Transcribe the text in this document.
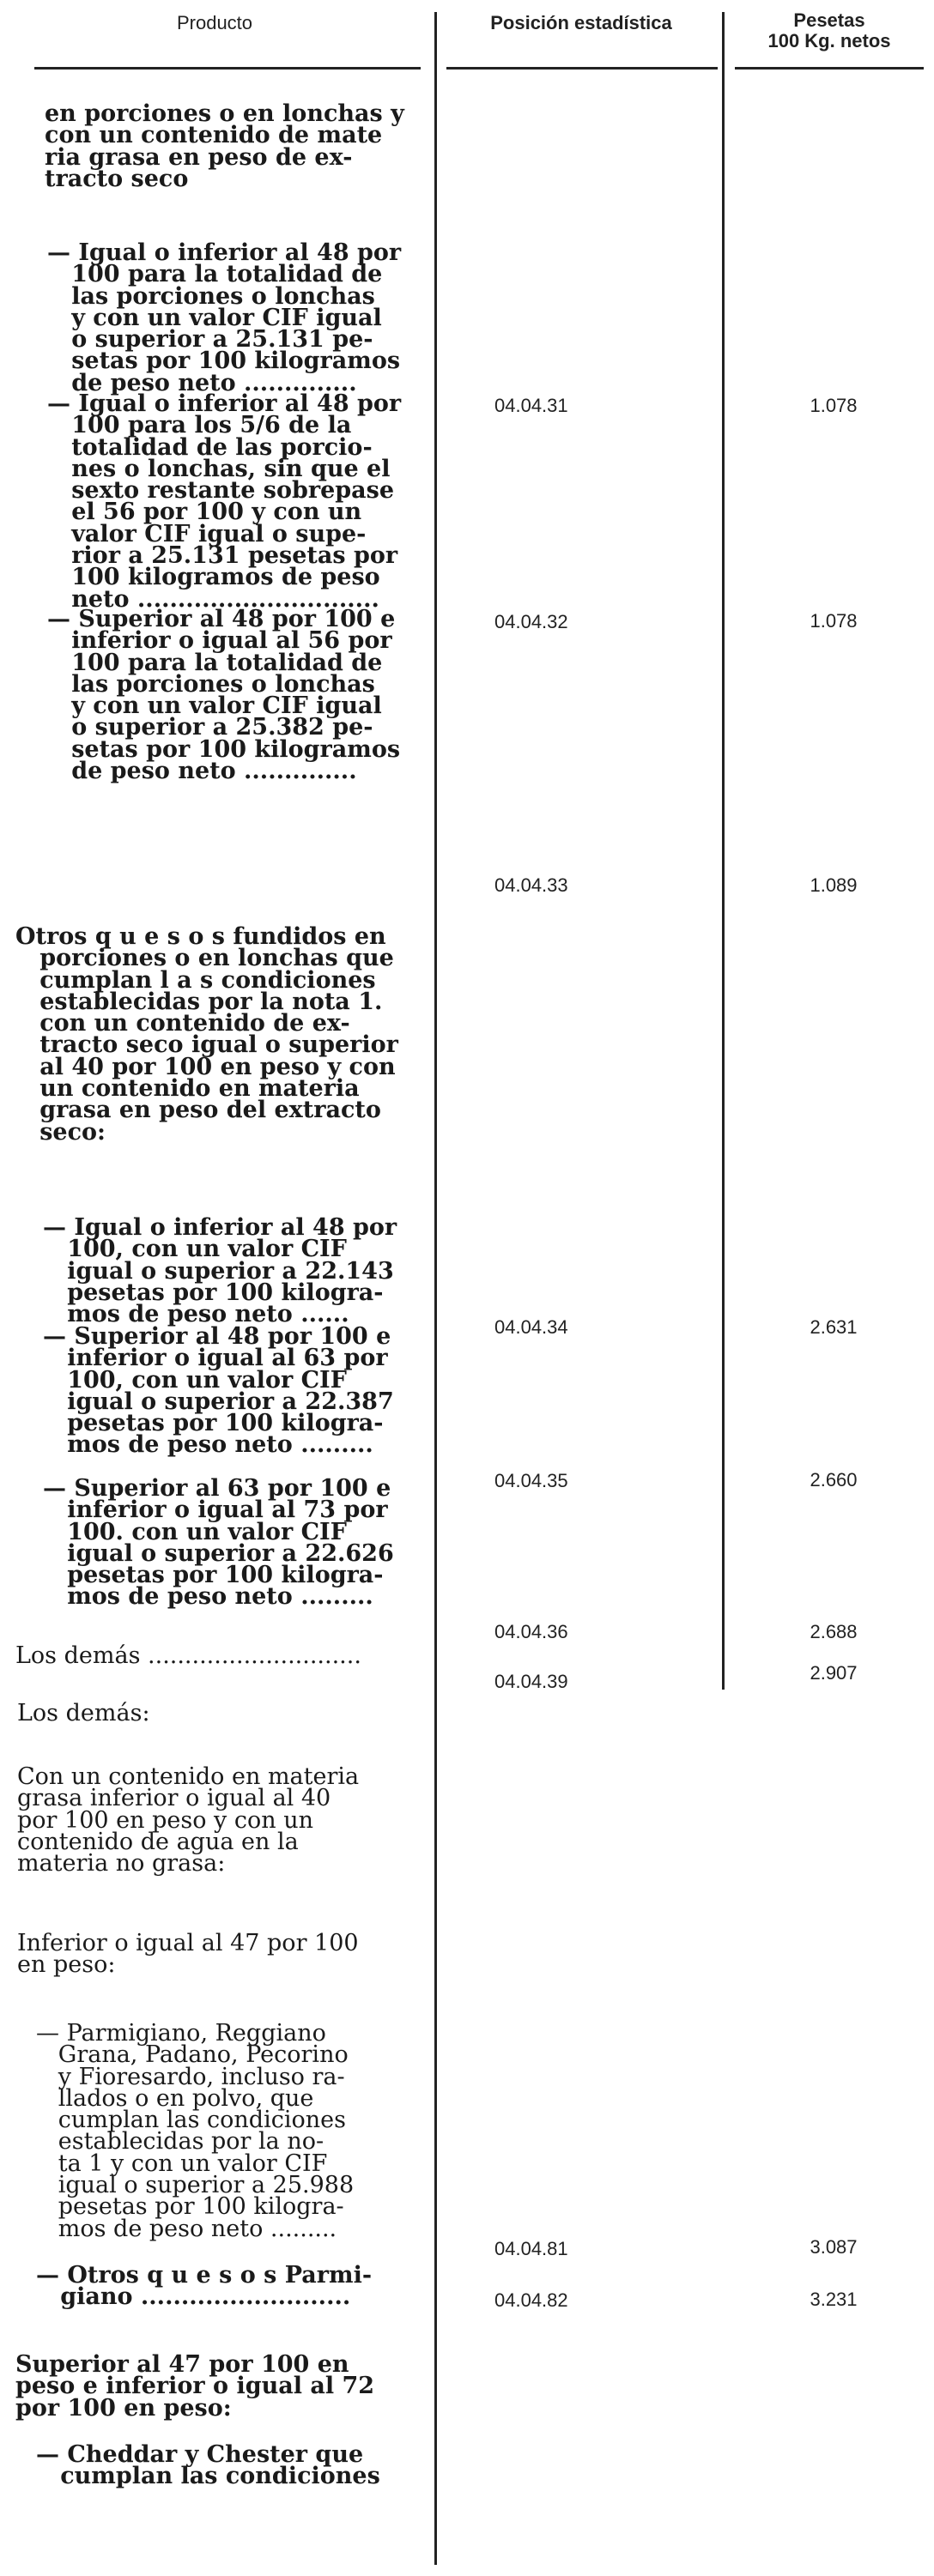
Producto	Posición estadística	Pesetas
100 Kg. netos
en porciones o en lonchas y
con un contenido de mate
ria grasa en peso de ex-
tracto seco
— Igual o inferior al 48 por
100 para la totalidad de
las porciones o lonchas
y con un valor CIF igual
o superior a 25.131 pe-
setas por 100 kilogramos
de peso neto ..............
— Igual o inferior al 48 por
100 para los 5/6 de la
totalidad de las porcio-
nes o lonchas, sin que el
sexto restante sobrepase
el 56 por 100 y con un
valor CIF igual o supe-
rior a 25.131 pesetas por
100 kilogramos de peso
neto ..............................
— Superior al 48 por 100 e
inferior o igual al 56 por
100 para la totalidad de
las porciones o lonchas
y con un valor CIF igual
o superior a 25.382 pe-
setas por 100 kilogramos
de peso neto ..............
Otros q u e s o s fundidos en
porciones o en lonchas que
cumplan l a s condiciones
establecidas por la nota 1.
con un contenido de ex-
tracto seco igual o superior
al 40 por 100 en peso y con
un contenido en materia
grasa en peso del extracto
seco:
— Igual o inferior al 48 por
100, con un valor CIF
igual o superior a 22.143
pesetas por 100 kilogra-
mos de peso neto ......
— Superior al 48 por 100 e
inferior o igual al 63 por
100, con un valor CIF
igual o superior a 22.387
pesetas por 100 kilogra-
mos de peso neto .........
— Superior al 63 por 100 e
inferior o igual al 73 por
100. con un valor CIF
igual o superior a 22.626
pesetas por 100 kilogra-
mos de peso neto .........
Los demás .............................
Los demás:
Con un contenido en materia
grasa inferior o igual al 40
por 100 en peso y con un
contenido de agua en la
materia no grasa:
Inferior o igual al 47 por 100
en peso:
— Parmigiano, Reggiano
Grana, Padano, Pecorino
y Fioresardo, incluso ra-
llados o en polvo, que
cumplan las condiciones
establecidas por la no-
ta 1 y con un valor CIF
igual o superior a 25.988
pesetas por 100 kilogra-
mos de peso neto .........
— Otros q u e s o s Parmi-
giano ..........................
Superior al 47 por 100 en
peso e inferior o igual al 72
por 100 en peso:
— Cheddar y Chester que
cumplan las condiciones
04.04.31
04.04.32
04.04.33
04.04.34
04.04.35
04.04.36
04.04.39
04.04.81
04.04.82
1.078
1.078
1.089
2.631
2.660
2.688
2.907
3.087
3.231
